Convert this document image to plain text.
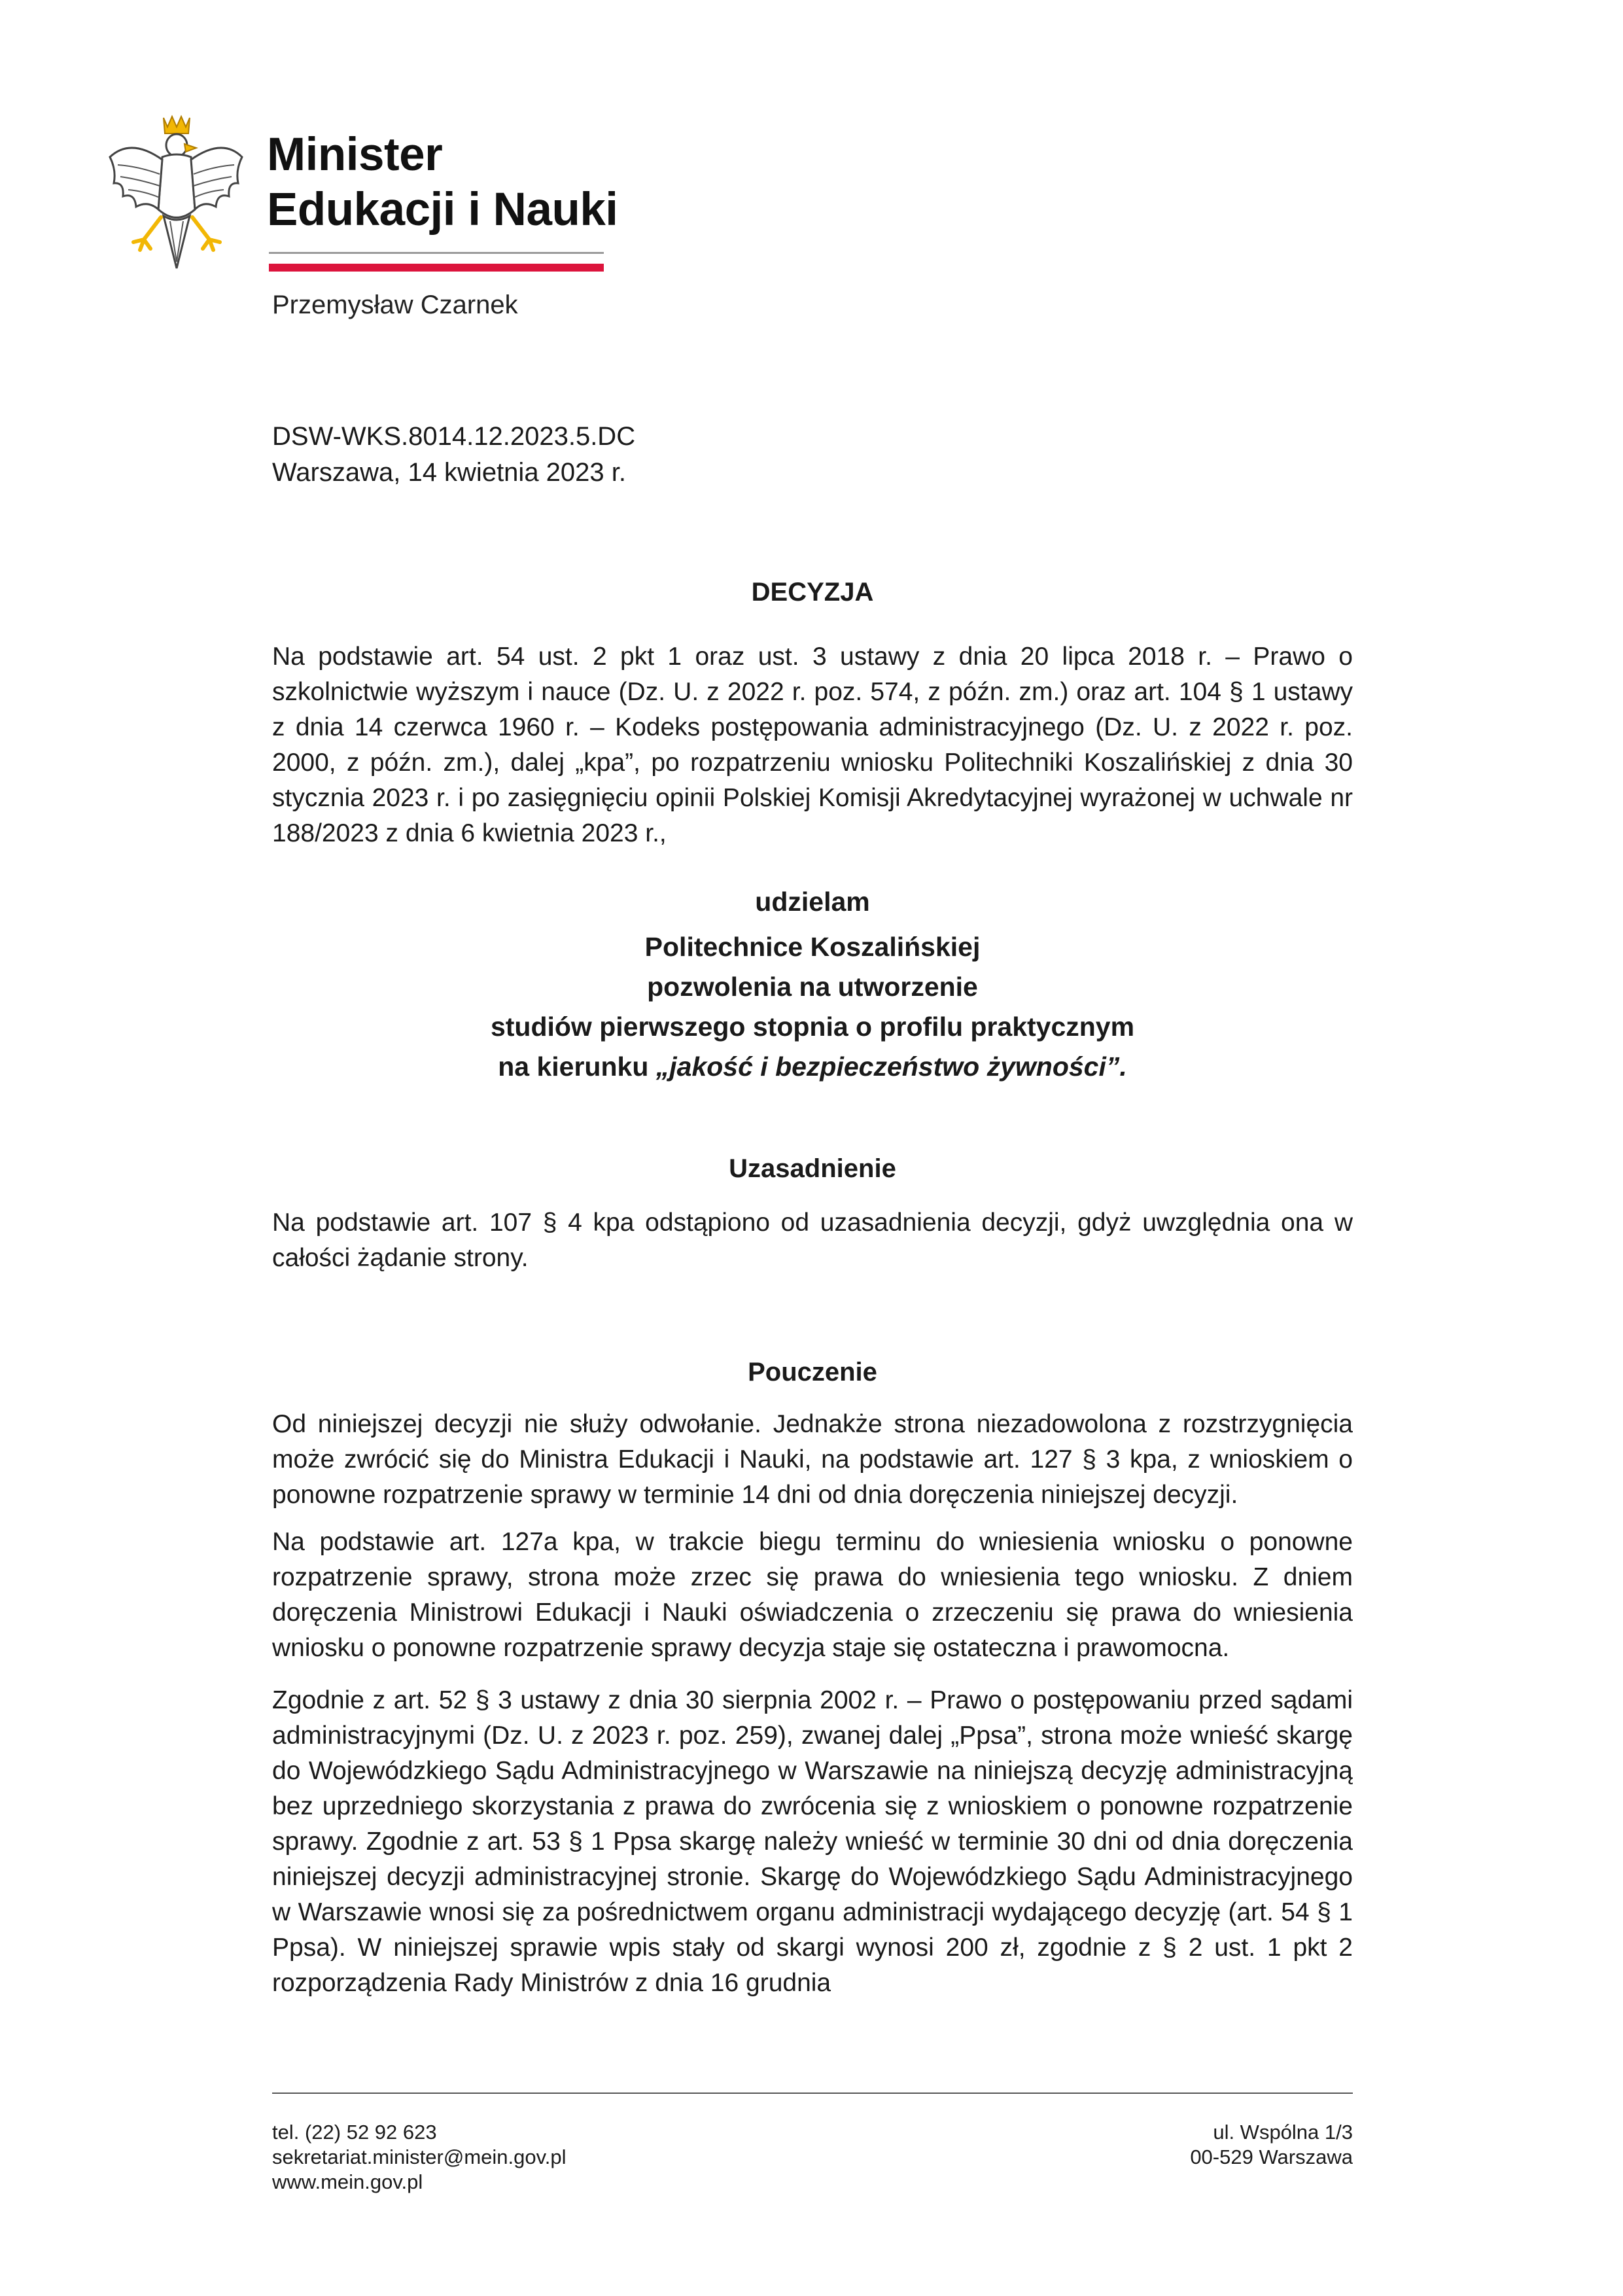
Minister
Edukacji i Nauki
Przemysław Czarnek
DSW-WKS.8014.12.2023.5.DC
Warszawa, 14 kwietnia 2023 r.
DECYZJA

Na podstawie art. 54 ust. 2 pkt 1 oraz ust. 3 ustawy z dnia 20 lipca 2018 r. – Prawo o szkolnictwie wyższym i nauce (Dz. U. z 2022 r. poz. 574, z późn. zm.) oraz art. 104 § 1 ustawy z dnia 14 czerwca 1960 r. – Kodeks postępowania administracyjnego (Dz. U. z 2022 r. poz. 2000, z późn. zm.), dalej „kpa”, po rozpatrzeniu wniosku Politechniki Koszalińskiej z dnia 30 stycznia 2023 r. i po zasięgnięciu opinii Polskiej Komisji Akredytacyjnej wyrażonej w uchwale nr 188/2023 z dnia 6 kwietnia 2023 r.,

udzielam
Politechnice Koszalińskiej
pozwolenia na utworzenie
studiów pierwszego stopnia o profilu praktycznym
na kierunku „jakość i bezpieczeństwo żywności”.
Uzasadnienie

Na podstawie art. 107 § 4 kpa odstąpiono od uzasadnienia decyzji, gdyż uwzględnia ona w całości żądanie strony.

Pouczenie

Od niniejszej decyzji nie służy odwołanie. Jednakże strona niezadowolona z rozstrzygnięcia może zwrócić się do Ministra Edukacji i Nauki, na podstawie art. 127 § 3 kpa, z wnioskiem o ponowne rozpatrzenie sprawy w terminie 14 dni od dnia doręczenia niniejszej decyzji.

Na podstawie art. 127a kpa, w trakcie biegu terminu do wniesienia wniosku o ponowne rozpatrzenie sprawy, strona może zrzec się prawa do wniesienia tego wniosku. Z dniem doręczenia Ministrowi Edukacji i Nauki oświadczenia o zrzeczeniu się prawa do wniesienia wniosku o ponowne rozpatrzenie sprawy decyzja staje się ostateczna i prawomocna.

Zgodnie z art. 52 § 3 ustawy z dnia 30 sierpnia 2002 r. – Prawo o postępowaniu przed sądami administracyjnymi (Dz. U. z 2023 r. poz. 259), zwanej dalej „Ppsa”, strona może wnieść skargę do Wojewódzkiego Sądu Administracyjnego w Warszawie na niniejszą decyzję administracyjną bez uprzedniego skorzystania z prawa do zwrócenia się z wnioskiem o ponowne rozpatrzenie sprawy. Zgodnie z art. 53 § 1 Ppsa skargę należy wnieść w terminie 30 dni od dnia doręczenia niniejszej decyzji administracyjnej stronie. Skargę do Wojewódzkiego Sądu Administracyjnego w Warszawie wnosi się za pośrednictwem organu administracji wydającego decyzję (art. 54 § 1 Ppsa). W niniejszej sprawie wpis stały od skargi wynosi 200 zł, zgodnie z § 2 ust. 1 pkt 2 rozporządzenia Rady Ministrów z dnia 16 grudnia

tel. (22) 52 92 623
sekretariat.minister@mein.gov.pl
www.mein.gov.pl
ul. Wspólna 1/3
00-529 Warszawa
